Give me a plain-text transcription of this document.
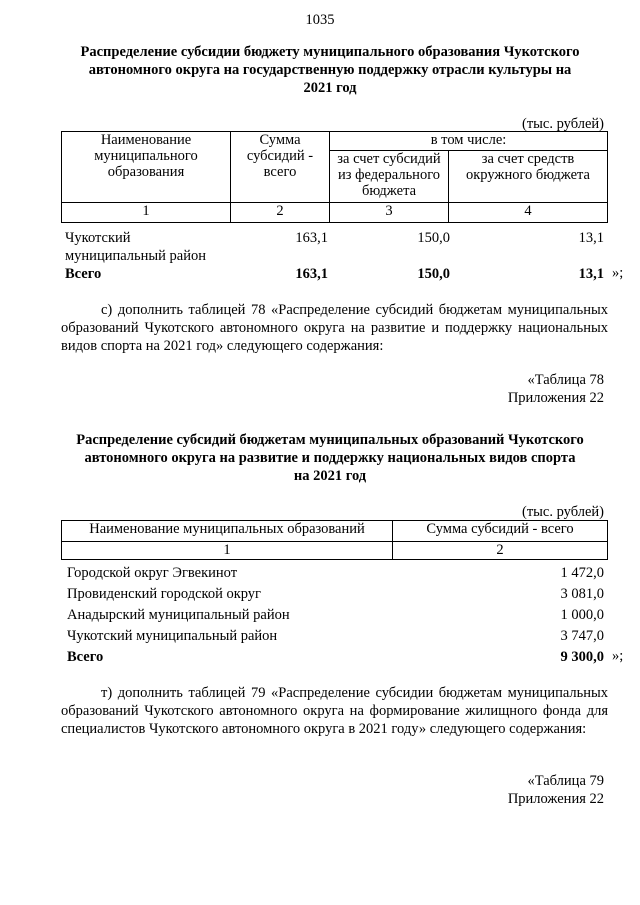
1035
Распределение субсидии бюджету муниципального образования Чукотского
автономного округа на государственную поддержку отрасли культуры на
2021 год
(тыс. рублей)
Наименование муниципального образования	Сумма субсидий - всего	в том числе:	
		за счет субсидий из федерального бюджета	за счет средств окружного бюджета
1	2	3	4
Чукотский муниципальный район	163,1	150,0	13,1
Всего	163,1	150,0	13,1 »;
с) дополнить таблицей 78 «Распределение субсидий бюджетам муниципальных образований Чукотского автономного округа на развитие и поддержку национальных видов спорта на 2021 год» следующего содержания:
«Таблица 78
Приложения 22
Распределение субсидий бюджетам муниципальных образований Чукотского
автономного округа на развитие и поддержку национальных видов спорта
на 2021 год
(тыс. рублей)
Наименование муниципальных образований	Сумма субсидий - всего
1	2
Городской округ Эгвекинот	1 472,0
Провиденский городской округ	3 081,0
Анадырский муниципальный район	1 000,0
Чукотский муниципальный район	3 747,0
Всего	9 300,0 »;
т) дополнить таблицей 79 «Распределение субсидии бюджетам муниципальных образований Чукотского автономного округа на формирование жилищного фонда для специалистов Чукотского автономного округа в 2021 году» следующего содержания:
«Таблица 79
Приложения 22
